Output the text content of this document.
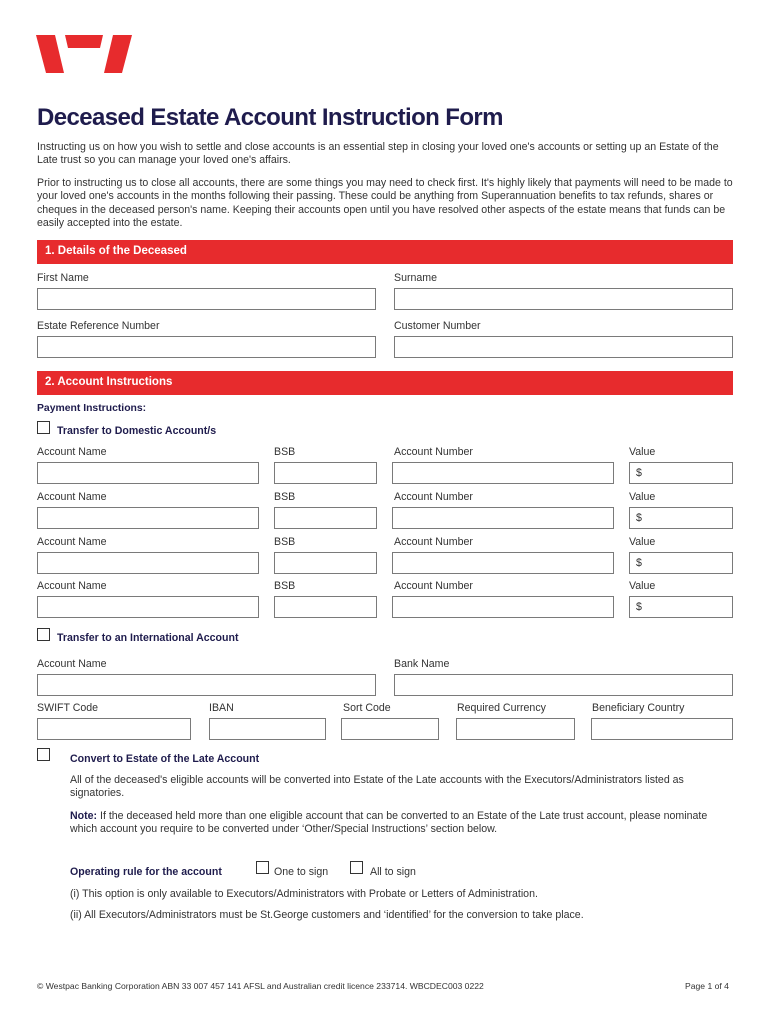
Deceased Estate Account Instruction Form
Instructing us on how you wish to settle and close accounts is an essential step in closing your loved one's accounts or setting up an Estate of the Late trust so you can manage your loved one's affairs.
Prior to instructing us to close all accounts, there are some things you may need to check first. It's highly likely that payments will need to be made to your loved one's accounts in the months following their passing. These could be anything from Superannuation benefits to tax refunds, shares or cheques in the deceased person's name. Keeping their accounts open until you have resolved other aspects of the estate means that funds can be easily accepted into the estate.
1. Details of the Deceased
First Name	Surname
Estate Reference Number	Customer Number
2. Account Instructions
Payment Instructions:
Transfer to Domestic Account/s
Account Name	BSB	Account Number	Value
$
Account Name	BSB	Account Number	Value
$
Account Name	BSB	Account Number	Value
$
Account Name	BSB	Account Number	Value
$
Transfer to an International Account
Account Name	Bank Name
SWIFT Code	IBAN	Sort Code	Required Currency	Beneficiary Country
Convert to Estate of the Late Account
All of the deceased's eligible accounts will be converted into Estate of the Late accounts with the Executors/Administrators listed as signatories.
Note: If the deceased held more than one eligible account that can be converted to an Estate of the Late trust account, please nominate which account you require to be converted under ‘Other/Special Instructions’ section below.
Operating rule for the account	One to sign	All to sign
(i) This option is only available to Executors/Administrators with Probate or Letters of Administration.
(ii) All Executors/Administrators must be St.George customers and ‘identified’ for the conversion to take place.
© Westpac Banking Corporation ABN 33 007 457 141 AFSL and Australian credit licence 233714. WBCDEC003 0222	Page 1 of 4
